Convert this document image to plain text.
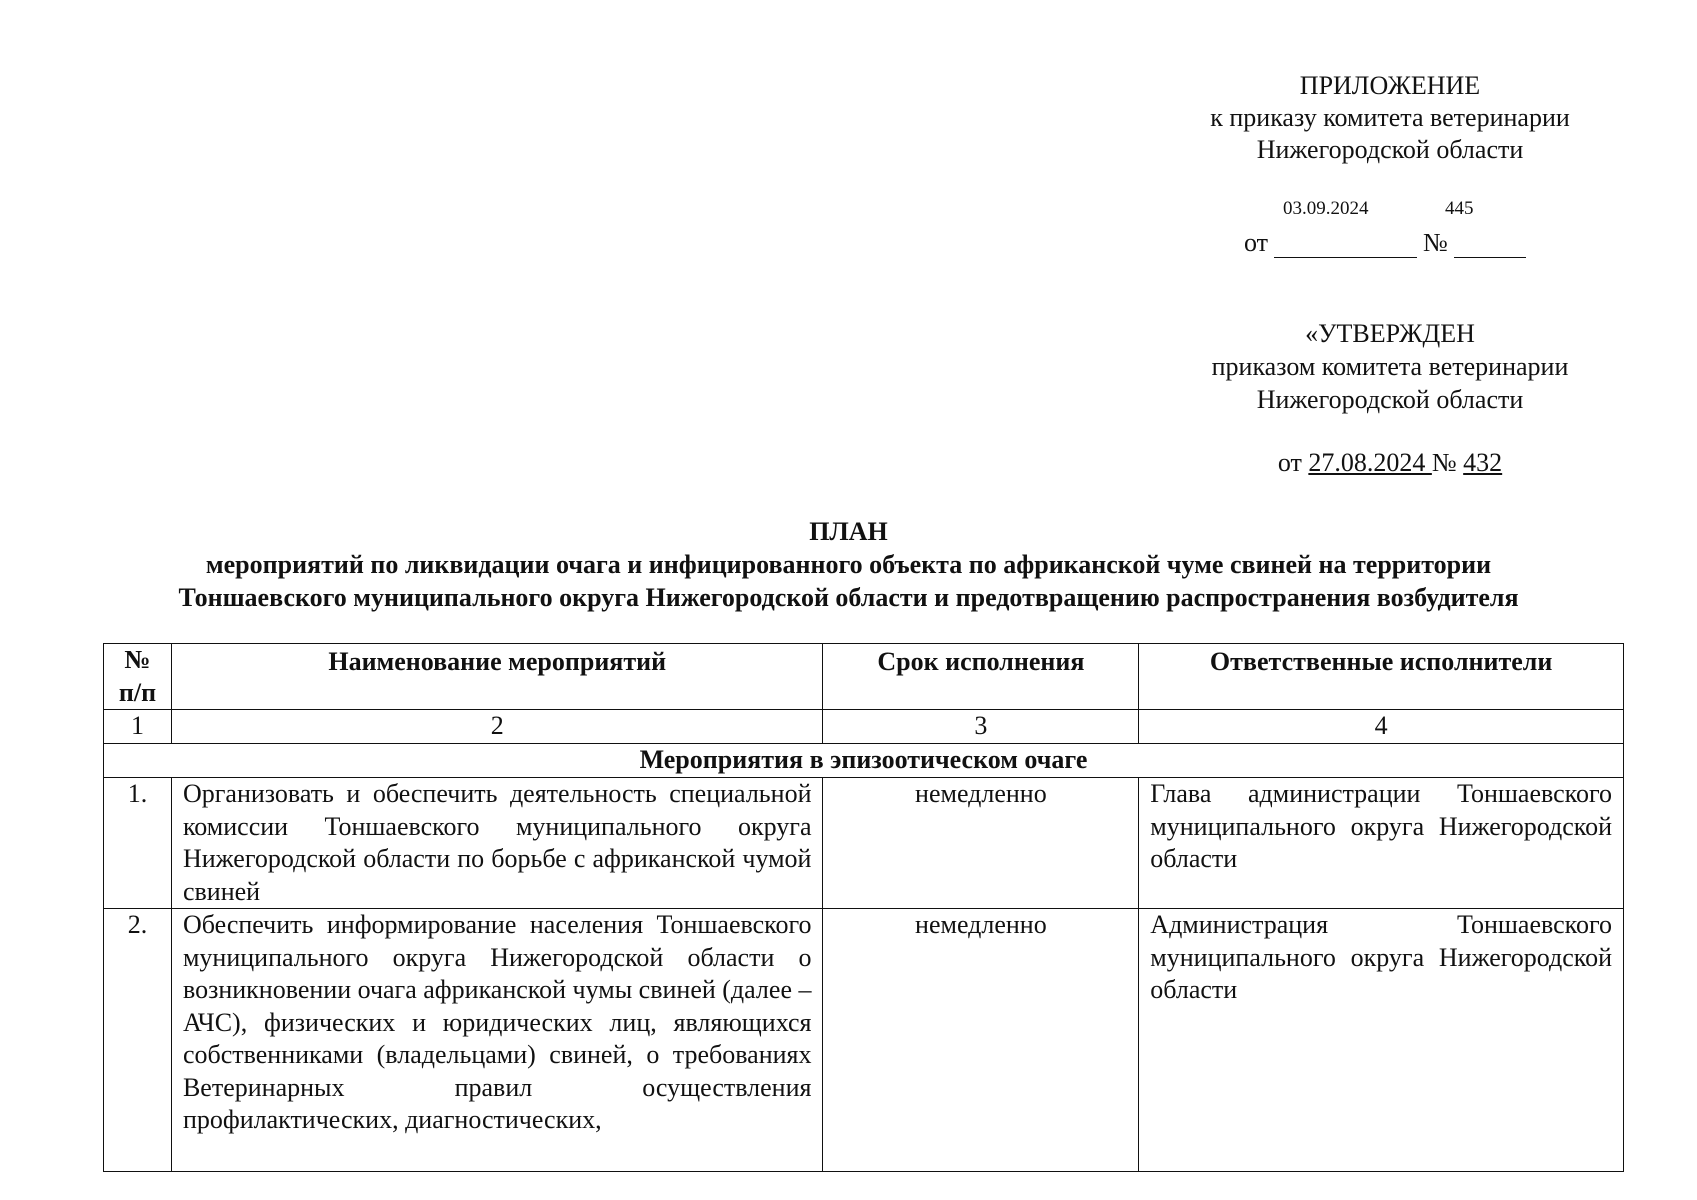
ПРИЛОЖЕНИЕ
к приказу комитета ветеринарии
Нижегородской области
03.09.2024	445
от	№
«УТВЕРЖДЕН
приказом комитета ветеринарии
Нижегородской области
от 27.08.2024 № 432
ПЛАН
мероприятий по ликвидации очага и инфицированного объекта по африканской чуме свиней на территории
Тоншаевского муниципального округа Нижегородской области и предотвращению распространения возбудителя
№ п/п	Наименование мероприятий	Срок исполнения	Ответственные исполнители
1	2	3	4
Мероприятия в эпизоотическом очаге			
1.	Организовать и обеспечить деятельность специальной комиссии Тоншаевского муниципального округа Нижегородской области по борьбе с африканской чумой свиней	немедленно	Глава администрации Тоншаевского муниципального округа Нижегородской области
2.	Обеспечить информирование населения Тоншаевского муниципального округа Нижегородской области о возникновении очага африканской чумы свиней (далее – АЧС), физических и юридических лиц, являющихся собственниками (владельцами) свиней, о требованиях Ветеринарных правил осуществления профилактических, диагностических,	немедленно	Администрация Тоншаевского муниципального округа Нижегородской области
